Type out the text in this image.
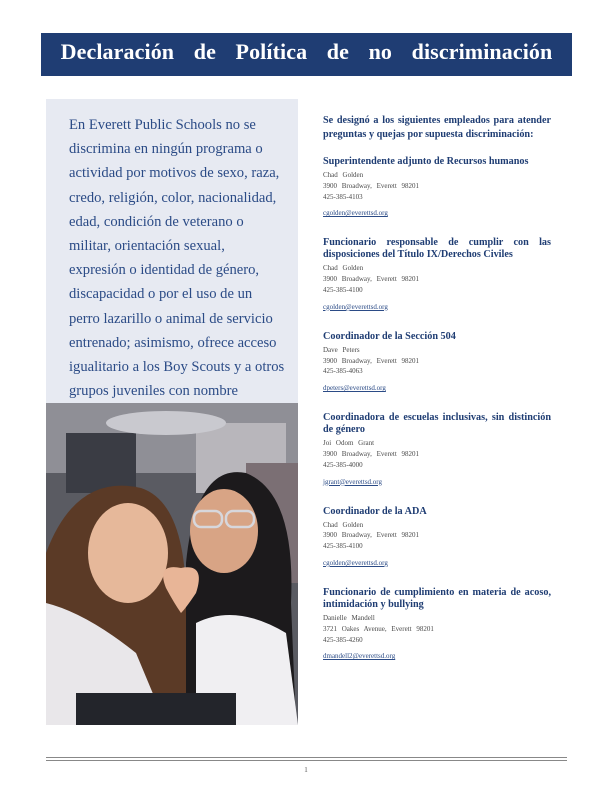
Declaración de Política de no discriminación
En Everett Public Schools no se discrimina en ningún programa o actividad por motivos de sexo, raza, credo, religión, color, nacionalidad, edad, condición de veterano o militar, orientación sexual, expresión o identidad de género, discapacidad o por el uso de un perro lazarillo o animal de servicio entrenado; asimismo, ofrece acceso igualitario a los Boy Scouts y a otros grupos juveniles con nombre
Se designó a los siguientes empleados para atender preguntas y quejas por supuesta discriminación:
Superintendente adjunto de Recursos humanos
Chad Golden
3900 Broadway, Everett 98201
425-385-4103
cgolden@everettsd.org
Funcionario responsable de cumplir con las disposiciones del Título IX/Derechos Civiles
Chad Golden
3900 Broadway, Everett 98201
425-385-4100
cgolden@everettsd.org
Coordinador de la Sección 504
Dave Peters
3900 Broadway, Everett 98201
425-385-4063
dpeters@everettsd.org
Coordinadora de escuelas inclusivas, sin distinción de género
Joi Odom Grant
3900 Broadway, Everett 98201
425-385-4000
jgrant@everettsd.org
Coordinador de la ADA
Chad Golden
3900 Broadway, Everett 98201
425-385-4100
cgolden@everettsd.org
Funcionario de cumplimiento en materia de acoso, intimidación y bullying
Danielle Mandell
3721 Oakes Avenue, Everett 98201
425-385-4260
dmandell2@everettsd.org
1
